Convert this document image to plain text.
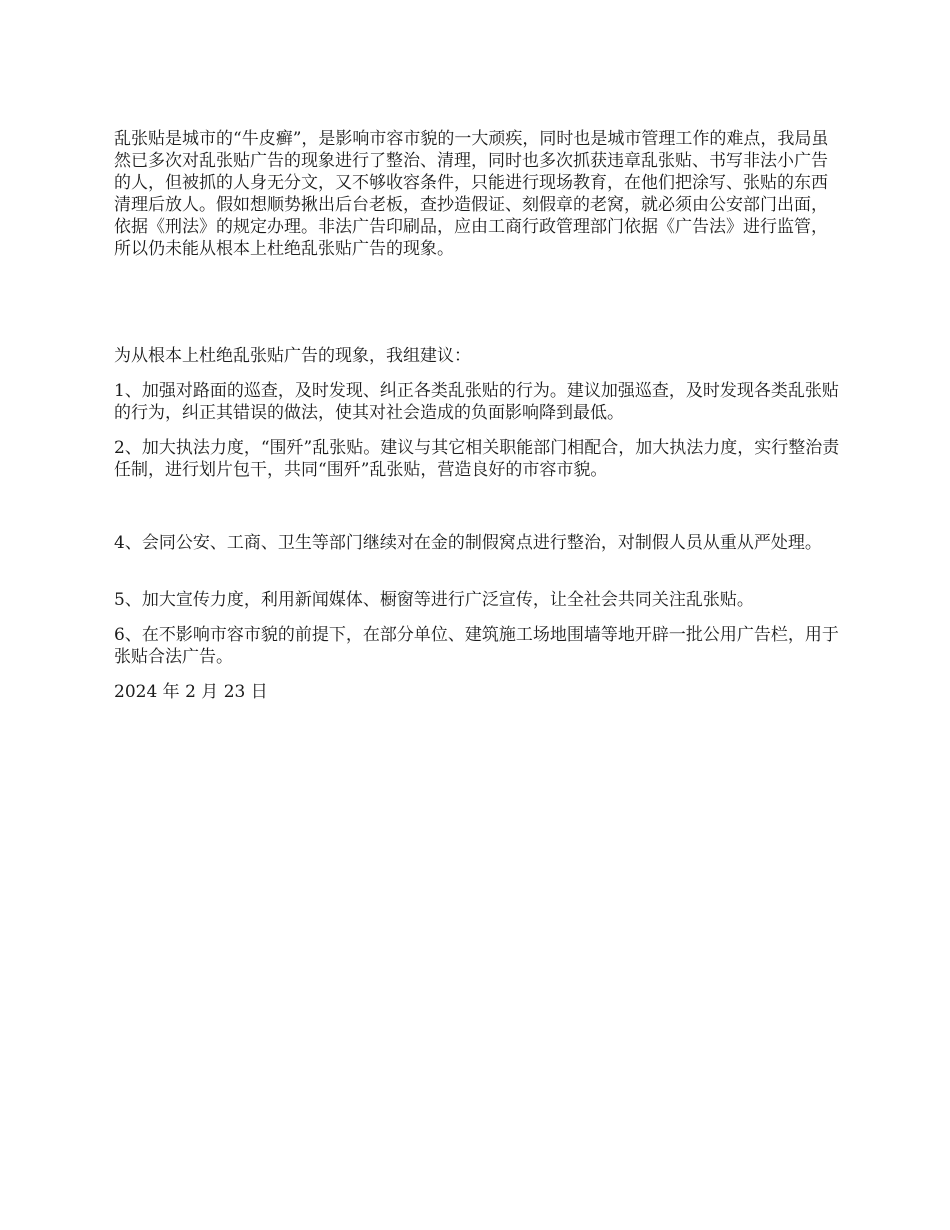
乱张贴是城市的“牛皮癣”，是影响市容市貌的一大顽疾，同时也是城市管理工作的难点，我局虽然已多次对乱张贴广告的现象进行了整治、清理，同时也多次抓获违章乱张贴、书写非法小广告的人，但被抓的人身无分文，又不够收容条件，只能进行现场教育，在他们把涂写、张贴的东西清理后放人。假如想顺势揪出后台老板，查抄造假证、刻假章的老窝，就必须由公安部门出面，依据《刑法》的规定办理。非法广告印刷品，应由工商行政管理部门依据《广告法》进行监管，所以仍未能从根本上杜绝乱张贴广告的现象。

为从根本上杜绝乱张贴广告的现象，我组建议：

1、加强对路面的巡查，及时发现、纠正各类乱张贴的行为。建议加强巡查，及时发现各类乱张贴的行为，纠正其错误的做法，使其对社会造成的负面影响降到最低。

2、加大执法力度，“围歼”乱张贴。建议与其它相关职能部门相配合，加大执法力度，实行整治责任制，进行划片包干，共同“围歼”乱张贴，营造良好的市容市貌。

4、会同公安、工商、卫生等部门继续对在金的制假窝点进行整治，对制假人员从重从严处理。

5、加大宣传力度，利用新闻媒体、橱窗等进行广泛宣传，让全社会共同关注乱张贴。

6、在不影响市容市貌的前提下，在部分单位、建筑施工场地围墙等地开辟一批公用广告栏，用于张贴合法广告。

2024 年 2 月 23 日
